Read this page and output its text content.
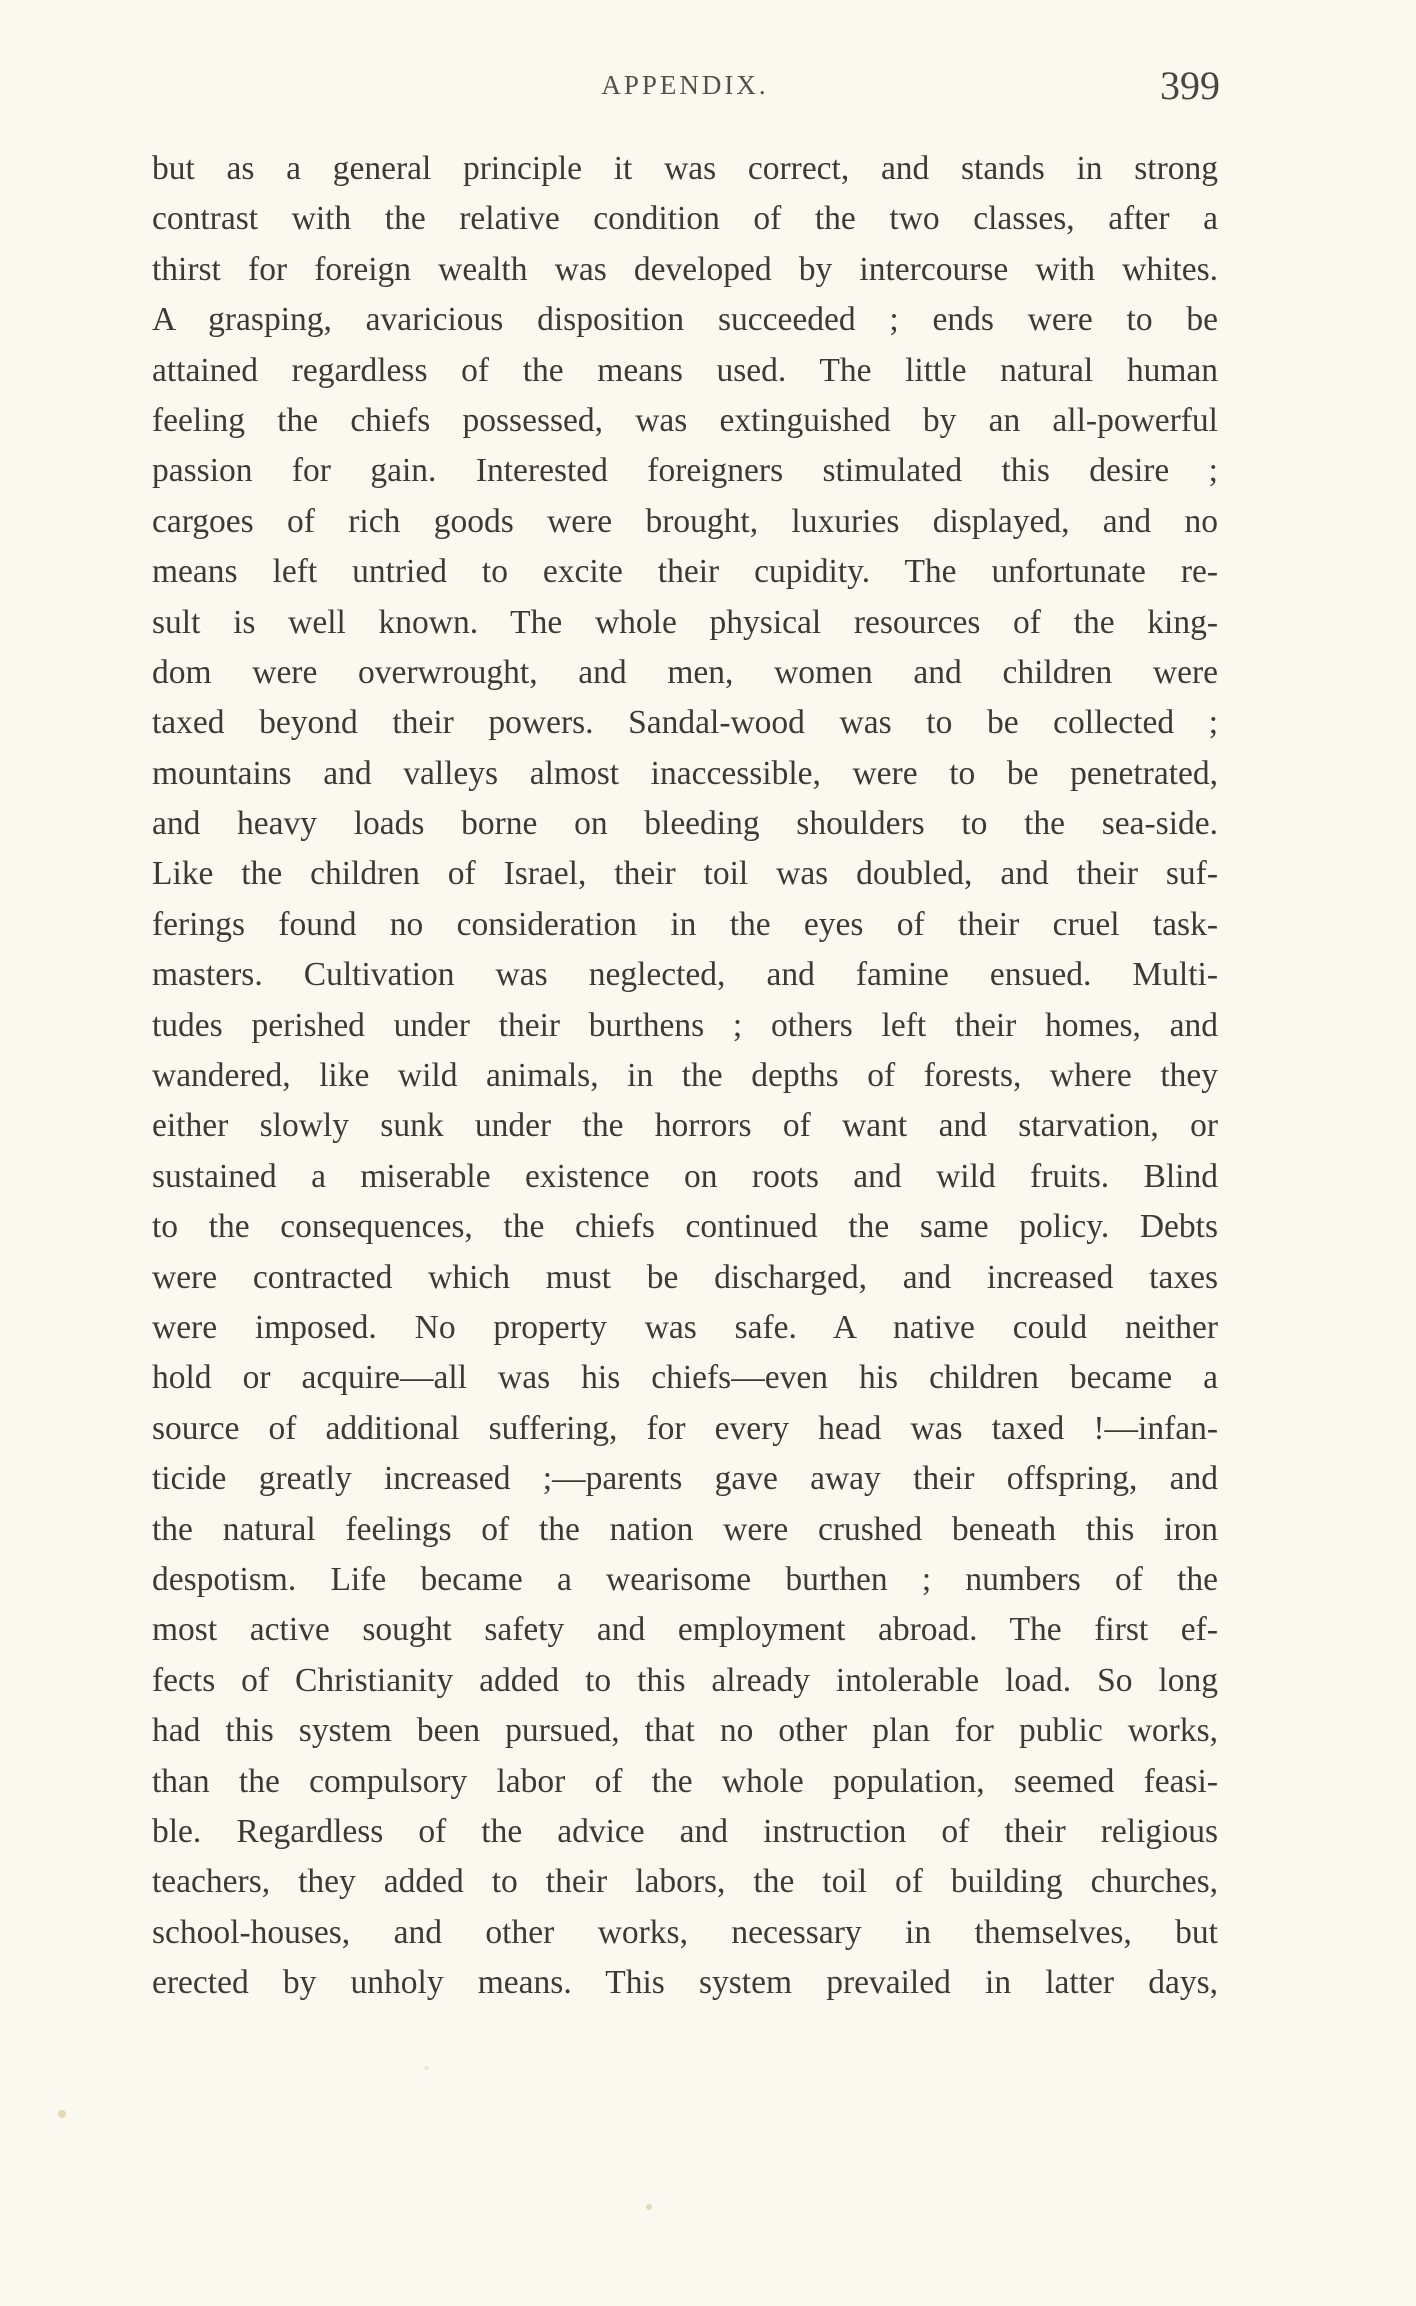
APPENDIX.	399
but as a general principle it was correct, and stands in strong
contrast with the relative condition of the two classes, after a
thirst for foreign wealth was developed by intercourse with whites.
A grasping, avaricious disposition succeeded ; ends were to be
attained regardless of the means used. The little natural human
feeling the chiefs possessed, was extinguished by an all-powerful
passion for gain. Interested foreigners stimulated this desire ;
cargoes of rich goods were brought, luxuries displayed, and no
means left untried to excite their cupidity. The unfortunate re-
sult is well known. The whole physical resources of the king-
dom were overwrought, and men, women and children were
taxed beyond their powers. Sandal-wood was to be collected ;
mountains and valleys almost inaccessible, were to be penetrated,
and heavy loads borne on bleeding shoulders to the sea-side.
Like the children of Israel, their toil was doubled, and their suf-
ferings found no consideration in the eyes of their cruel task-
masters. Cultivation was neglected, and famine ensued. Multi-
tudes perished under their burthens ; others left their homes, and
wandered, like wild animals, in the depths of forests, where they
either slowly sunk under the horrors of want and starvation, or
sustained a miserable existence on roots and wild fruits. Blind
to the consequences, the chiefs continued the same policy. Debts
were contracted which must be discharged, and increased taxes
were imposed. No property was safe. A native could neither
hold or acquire—all was his chiefs—even his children became a
source of additional suffering, for every head was taxed !—infan-
ticide greatly increased ;—parents gave away their offspring, and
the natural feelings of the nation were crushed beneath this iron
despotism. Life became a wearisome burthen ; numbers of the
most active sought safety and employment abroad. The first ef-
fects of Christianity added to this already intolerable load. So long
had this system been pursued, that no other plan for public works,
than the compulsory labor of the whole population, seemed feasi-
ble. Regardless of the advice and instruction of their religious
teachers, they added to their labors, the toil of building churches,
school-houses, and other works, necessary in themselves, but
erected by unholy means. This system prevailed in latter days,
